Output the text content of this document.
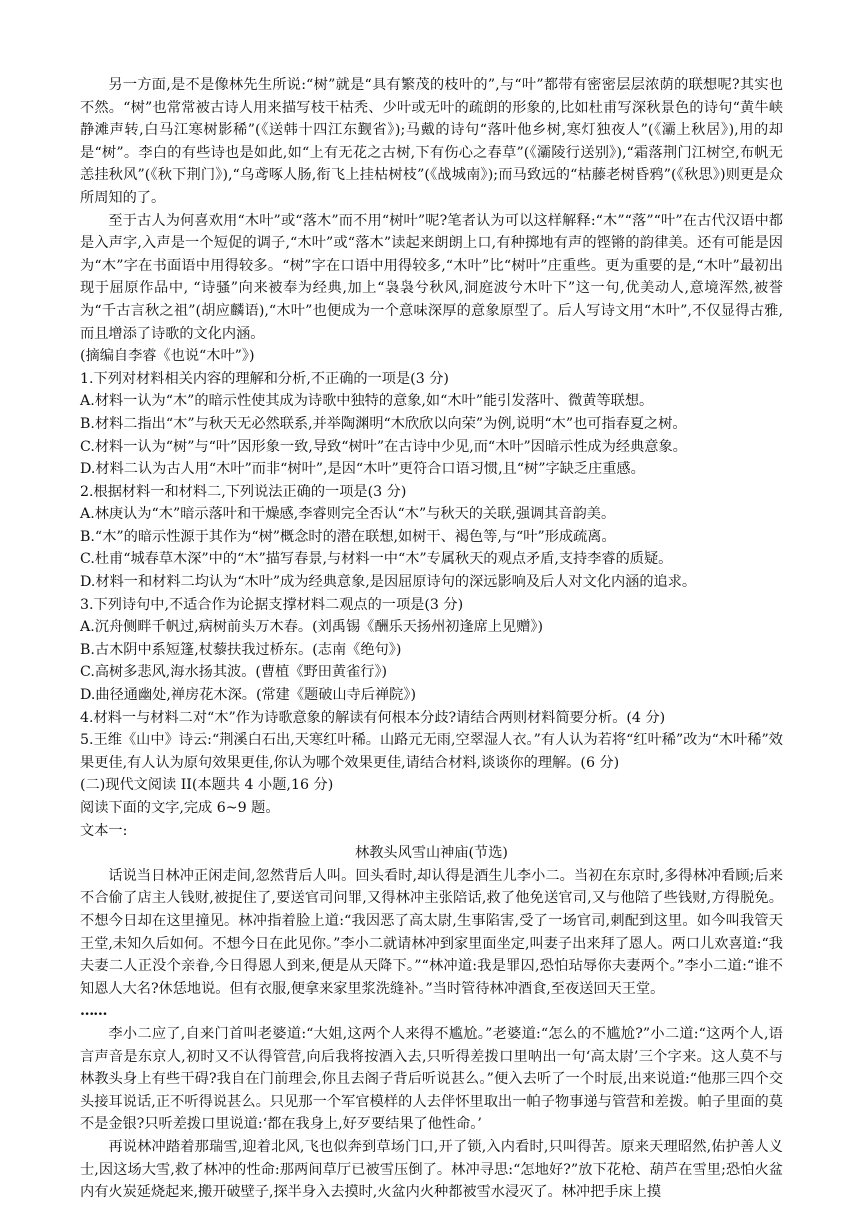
另一方面,是不是像林先生所说:“树”就是“具有繁茂的枝叶的”,与“叶”都带有密密层层浓荫的联想呢?其实也不然。“树”也常常被古诗人用来描写枝干枯秃、少叶或无叶的疏朗的形象的,比如杜甫写深秋景色的诗句“黄牛峡静滩声转,白马江寒树影稀”(《送韩十四江东觐省》);马戴的诗句“落叶他乡树,寒灯独夜人”(《灞上秋居》),用的却是“树”。李白的有些诗也是如此,如“上有无花之古树,下有伤心之春草”(《灞陵行送别》),“霜落荆门江树空,布帆无恙挂秋风”(《秋下荆门》),“乌鸢啄人肠,衔飞上挂枯树枝”(《战城南》);而马致远的“枯藤老树昏鸦”(《秋思》)则更是众所周知的了。

至于古人为何喜欢用“木叶”或“落木”而不用“树叶”呢?笔者认为可以这样解释:“木”“落”“叶”在古代汉语中都是入声字,入声是一个短促的调子,“木叶”或“落木”读起来朗朗上口,有种掷地有声的铿锵的韵律美。还有可能是因为“木”字在书面语中用得较多。“树”字在口语中用得较多,“木叶”比“树叶”庄重些。更为重要的是,“木叶”最初出现于屈原作品中, “诗骚”向来被奉为经典,加上“袅袅兮秋风,洞庭波兮木叶下”这一句,优美动人,意境浑然,被誉为“千古言秋之祖”(胡应麟语),“木叶”也便成为一个意味深厚的意象原型了。后人写诗文用“木叶”,不仅显得古雅,而且增添了诗歌的文化内涵。

(摘编自李睿《也说“木叶”》)

1.下列对材料相关内容的理解和分析,不正确的一项是(3 分)

A.材料一认为“木”的暗示性使其成为诗歌中独特的意象,如“木叶”能引发落叶、微黄等联想。

B.材料二指出“木”与秋天无必然联系,并举陶渊明“木欣欣以向荣”为例,说明“木”也可指春夏之树。

C.材料一认为“树”与“叶”因形象一致,导致“树叶”在古诗中少见,而“木叶”因暗示性成为经典意象。

D.材料二认为古人用“木叶”而非“树叶”,是因“木叶”更符合口语习惯,且“树”字缺乏庄重感。

2.根据材料一和材料二,下列说法正确的一项是(3 分)

A.林庚认为“木”暗示落叶和干燥感,李睿则完全否认“木”与秋天的关联,强调其音韵美。

B.“木”的暗示性源于其作为“树”概念时的潜在联想,如树干、褐色等,与“叶”形成疏离。

C.杜甫“城春草木深”中的“木”描写春景,与材料一中“木”专属秋天的观点矛盾,支持李睿的质疑。

D.材料一和材料二均认为“木叶”成为经典意象,是因屈原诗句的深远影响及后人对文化内涵的追求。

3.下列诗句中,不适合作为论据支撑材料二观点的一项是(3 分)

A.沉舟侧畔千帆过,病树前头万木春。(刘禹锡《酬乐天扬州初逢席上见赠》)

B.古木阴中系短篷,杖藜扶我过桥东。(志南《绝句》)

C.高树多悲风,海水扬其波。(曹植《野田黄雀行》)

D.曲径通幽处,禅房花木深。(常建《题破山寺后禅院》)

4.材料一与材料二对“木”作为诗歌意象的解读有何根本分歧?请结合两则材料简要分析。(4 分)

5.王维《山中》诗云:“荆溪白石出,天寒红叶稀。山路元无雨,空翠湿人衣。”有人认为若将“红叶稀”改为“木叶稀”效果更佳,有人认为原句效果更佳,你认为哪个效果更佳,请结合材料,谈谈你的理解。(6 分)

(二)现代文阅读 II(本题共 4 小题,16 分)

阅读下面的文字,完成 6~9 题。

文本一:

林教头风雪山神庙(节选)

话说当日林冲正闲走间,忽然背后人叫。回头看时,却认得是酒生儿李小二。当初在东京时,多得林冲看顾;后来不合偷了店主人钱财,被捉住了,要送官司问罪,又得林冲主张陪话,救了他免送官司,又与他陪了些钱财,方得脱免。不想今日却在这里撞见。林冲指着脸上道:“我因恶了高太尉,生事陷害,受了一场官司,刺配到这里。如今叫我管天王堂,未知久后如何。不想今日在此见你。”李小二就请林冲到家里面坐定,叫妻子出来拜了恩人。两口儿欢喜道:“我夫妻二人正没个亲眷,今日得恩人到来,便是从天降下。”“林冲道:我是罪囚,恐怕玷辱你夫妻两个。”李小二道:“谁不知恩人大名?休恁地说。但有衣服,便拿来家里浆洗缝补。”当时管待林冲酒食,至夜送回天王堂。

……

李小二应了,自来门首叫老婆道:“大姐,这两个人来得不尴尬。”老婆道:“怎么的不尴尬?”小二道:“这两个人,语言声音是东京人,初时又不认得管营,向后我将按酒入去,只听得差拨口里呐出一句‘高太尉’三个字来。这人莫不与林教头身上有些干碍?我自在门前理会,你且去阁子背后听说甚么。”便入去听了一个时辰,出来说道:“他那三四个交头接耳说话,正不听得说甚么。只见那一个军官模样的人去伴怀里取出一帕子物事递与管营和差拨。帕子里面的莫不是金银?只听差拨口里说道:‘都在我身上,好歹要结果了他性命。’

再说林冲踏着那瑞雪,迎着北风,飞也似奔到草场门口,开了锁,入内看时,只叫得苦。原来天理昭然,佑护善人义士,因这场大雪,救了林冲的性命:那两间草厅已被雪压倒了。林冲寻思:“怎地好?”放下花枪、葫芦在雪里;恐怕火盆内有火炭延烧起来,搬开破壁子,探半身入去摸时,火盆内火种都被雪水浸灭了。林冲把手床上摸
